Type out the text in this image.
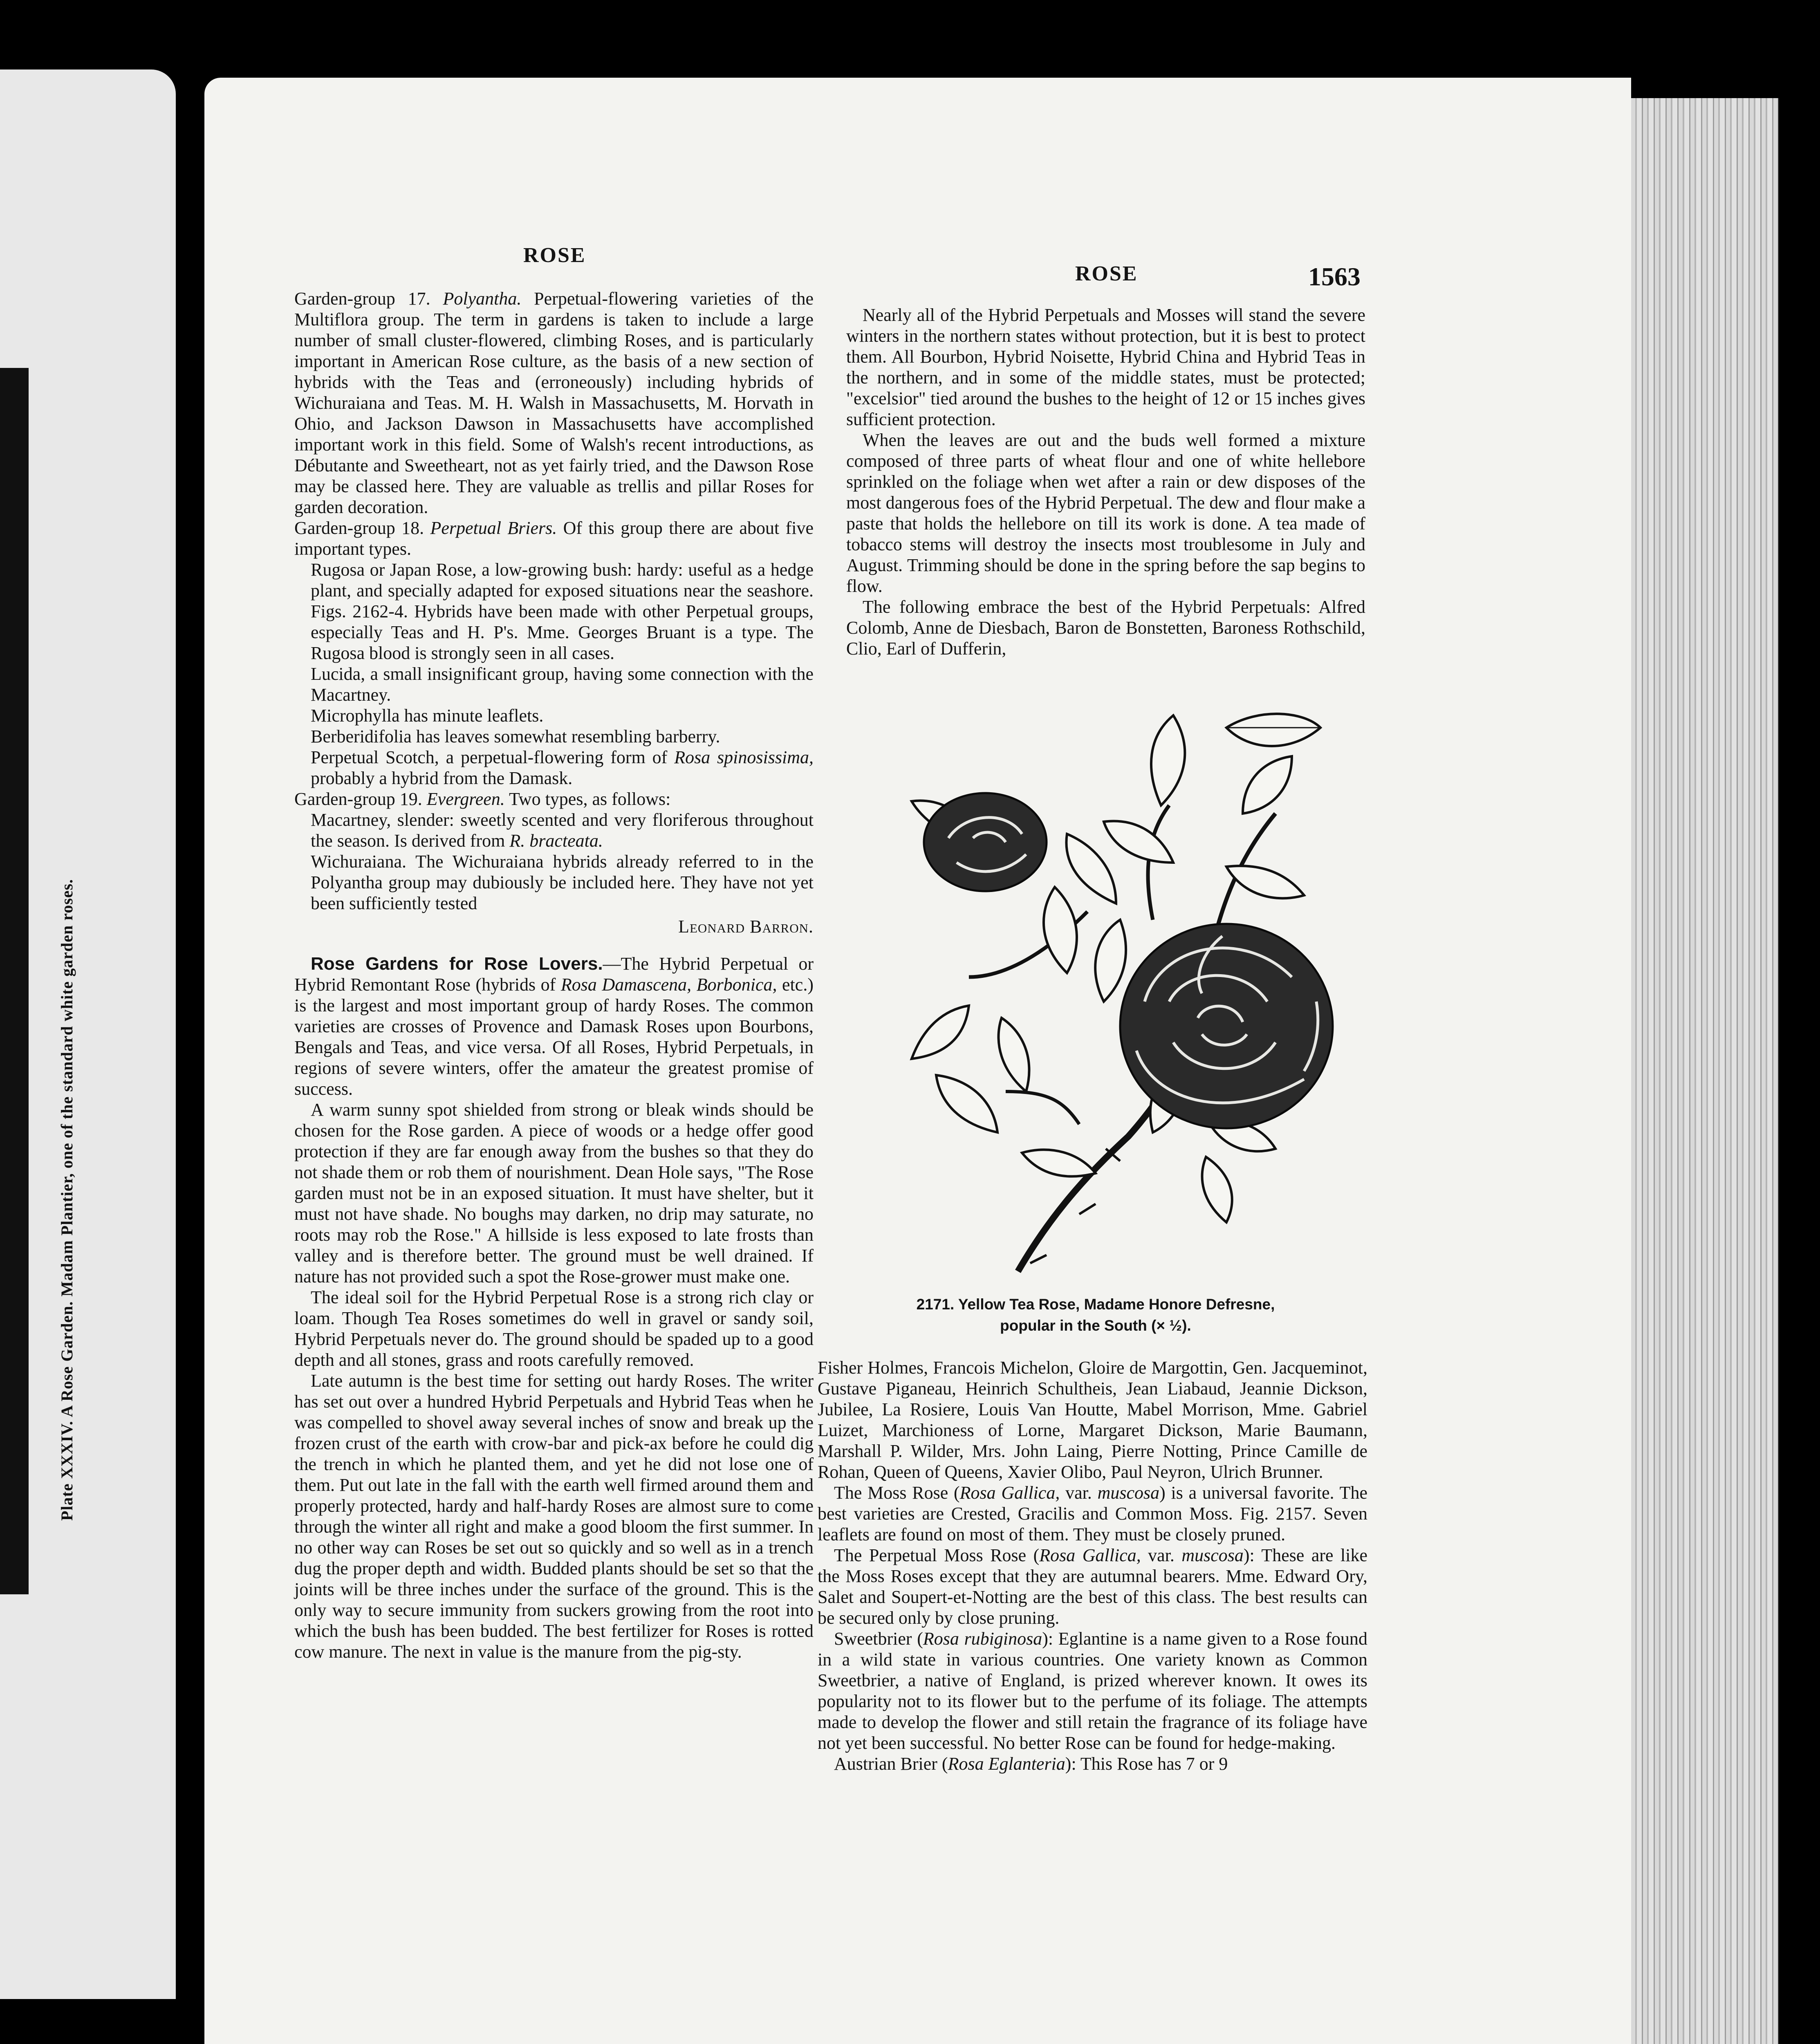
Plate XXXIV. A Rose Garden. Madam Plantier, one of the standard white garden roses.
ROSE
ROSE	1563

Garden-group 17. Polyantha. Perpetual-flowering varieties of the Multiflora group. The term in gardens is taken to include a large number of small cluster-flowered, climbing Roses, and is particularly important in American Rose culture, as the basis of a new section of hybrids with the Teas and (erroneously) including hybrids of Wichuraiana and Teas. M. H. Walsh in Massachusetts, M. Horvath in Ohio, and Jackson Dawson in Massachusetts have accomplished important work in this field. Some of Walsh's recent introductions, as Débutante and Sweetheart, not as yet fairly tried, and the Dawson Rose may be classed here. They are valuable as trellis and pillar Roses for garden decoration.

Garden-group 18. Perpetual Briers. Of this group there are about five important types.

Rugosa or Japan Rose, a low-growing bush: hardy: useful as a hedge plant, and specially adapted for exposed situations near the seashore. Figs. 2162-4. Hybrids have been made with other Perpetual groups, especially Teas and H. P's. Mme. Georges Bruant is a type. The Rugosa blood is strongly seen in all cases.

Lucida, a small insignificant group, having some connection with the Macartney.

Microphylla has minute leaflets.

Berberidifolia has leaves somewhat resembling barberry.

Perpetual Scotch, a perpetual-flowering form of Rosa spinosissima, probably a hybrid from the Damask.

Garden-group 19. Evergreen. Two types, as follows:

Macartney, slender: sweetly scented and very floriferous throughout the season. Is derived from R. bracteata.

Wichuraiana. The Wichuraiana hybrids already referred to in the Polyantha group may dubiously be included here. They have not yet been sufficiently tested

Leonard Barron.

Rose Gardens for Rose Lovers.—The Hybrid Perpetual or Hybrid Remontant Rose (hybrids of Rosa Damascena, Borbonica, etc.) is the largest and most important group of hardy Roses. The common varieties are crosses of Provence and Damask Roses upon Bourbons, Bengals and Teas, and vice versa. Of all Roses, Hybrid Perpetuals, in regions of severe winters, offer the amateur the greatest promise of success.

A warm sunny spot shielded from strong or bleak winds should be chosen for the Rose garden. A piece of woods or a hedge offer good protection if they are far enough away from the bushes so that they do not shade them or rob them of nourishment. Dean Hole says, "The Rose garden must not be in an exposed situation. It must have shelter, but it must not have shade. No boughs may darken, no drip may saturate, no roots may rob the Rose." A hillside is less exposed to late frosts than valley and is therefore better. The ground must be well drained. If nature has not provided such a spot the Rose-grower must make one.

The ideal soil for the Hybrid Perpetual Rose is a strong rich clay or loam. Though Tea Roses sometimes do well in gravel or sandy soil, Hybrid Perpetuals never do. The ground should be spaded up to a good depth and all stones, grass and roots carefully removed.

Late autumn is the best time for setting out hardy Roses. The writer has set out over a hundred Hybrid Perpetuals and Hybrid Teas when he was compelled to shovel away several inches of snow and break up the frozen crust of the earth with crow-bar and pick-ax before he could dig the trench in which he planted them, and yet he did not lose one of them. Put out late in the fall with the earth well firmed around them and properly protected, hardy and half-hardy Roses are almost sure to come through the winter all right and make a good bloom the first summer. In no other way can Roses be set out so quickly and so well as in a trench dug the proper depth and width. Budded plants should be set so that the joints will be three inches under the surface of the ground. This is the only way to secure immunity from suckers growing from the root into which the bush has been budded. The best fertilizer for Roses is rotted cow manure. The next in value is the manure from the pig-sty.

Nearly all of the Hybrid Perpetuals and Mosses will stand the severe winters in the northern states without protection, but it is best to protect them. All Bourbon, Hybrid Noisette, Hybrid China and Hybrid Teas in the northern, and in some of the middle states, must be protected; "excelsior" tied around the bushes to the height of 12 or 15 inches gives sufficient protection.

When the leaves are out and the buds well formed a mixture composed of three parts of wheat flour and one of white hellebore sprinkled on the foliage when wet after a rain or dew disposes of the most dangerous foes of the Hybrid Perpetual. The dew and flour make a paste that holds the hellebore on till its work is done. A tea made of tobacco stems will destroy the insects most troublesome in July and August. Trimming should be done in the spring before the sap begins to flow.

The following embrace the best of the Hybrid Perpetuals: Alfred Colomb, Anne de Diesbach, Baron de Bonstetten, Baroness Rothschild, Clio, Earl of Dufferin,

2171. Yellow Tea Rose, Madame Honore Defresne,
popular in the South (× ½).

Fisher Holmes, Francois Michelon, Gloire de Margottin, Gen. Jacqueminot, Gustave Piganeau, Heinrich Schultheis, Jean Liabaud, Jeannie Dickson, Jubilee, La Rosiere, Louis Van Houtte, Mabel Morrison, Mme. Gabriel Luizet, Marchioness of Lorne, Margaret Dickson, Marie Baumann, Marshall P. Wilder, Mrs. John Laing, Pierre Notting, Prince Camille de Rohan, Queen of Queens, Xavier Olibo, Paul Neyron, Ulrich Brunner.

The Moss Rose (Rosa Gallica, var. muscosa) is a universal favorite. The best varieties are Crested, Gracilis and Common Moss. Fig. 2157. Seven leaflets are found on most of them. They must be closely pruned.

The Perpetual Moss Rose (Rosa Gallica, var. muscosa): These are like the Moss Roses except that they are autumnal bearers. Mme. Edward Ory, Salet and Soupert-et-Notting are the best of this class. The best results can be secured only by close pruning.

Sweetbrier (Rosa rubiginosa): Eglantine is a name given to a Rose found in a wild state in various countries. One variety known as Common Sweetbrier, a native of England, is prized wherever known. It owes its popularity not to its flower but to the perfume of its foliage. The attempts made to develop the flower and still retain the fragrance of its foliage have not yet been successful. No better Rose can be found for hedge-making.

Austrian Brier (Rosa Eglanteria): This Rose has 7 or 9
